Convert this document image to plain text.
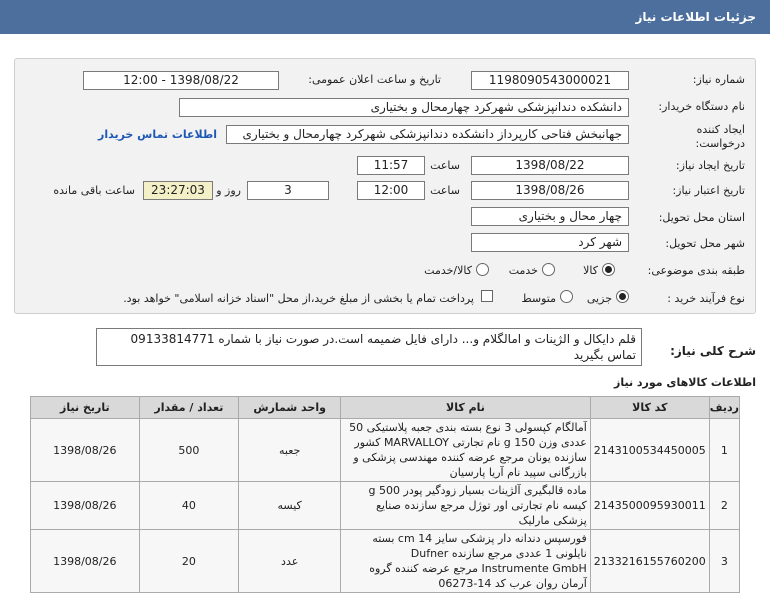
جزئیات اطلاعات نیاز
شماره نیاز:
1198090543000021
تاریخ و ساعت اعلان عمومی:
1398/08/22 - 12:00
نام دستگاه خریدار:
دانشکده دندانپزشکی شهرکرد چهارمحال و بختیاری
ایجاد کننده درخواست:
جهانبخش فتاحی کارپرداز دانشکده دندانپزشکی شهرکرد چهارمحال و بختیاری
اطلاعات تماس خریدار
تاریخ ایجاد نیاز:
1398/08/22
ساعت
11:57
تاریخ اعتبار نیاز:
1398/08/26
ساعت
12:00
3
روز و
23:27:03
ساعت باقی مانده
استان محل تحویل:
چهار محال و بختیاری
شهر محل تحویل:
شهر کرد
طبقه بندی موضوعی:
کالا
خدمت
کالا/خدمت
نوع فرآیند خرید :
جزیی
متوسط
پرداخت تمام یا بخشی از مبلغ خرید،از محل "اسناد خزانه اسلامی" خواهد بود.
شرح کلی نیاز:
قلم دایکال و الژینات و امالگلام و... دارای فایل ضمیمه است.در صورت نیاز با شماره 09133814771 تماس بگیرید
اطلاعات کالاهای مورد نیاز
ردیف	کد کالا	نام کالا	واحد شمارش	تعداد / مقدار	تاریخ نیاز
1	2143100534450005	آمالگام کپسولی 3 نوع بسته بندی جعبه پلاستیکی 50 عددی وزن 150 g نام تجارتی MARVALLOY کشور سازنده یونان مرجع عرضه کننده مهندسی پزشکی و بازرگانی سپید نام آریا پارسیان	جعبه	500	1398/08/26
2	2143500095930011	ماده قالبگیری آلژینات بسیار زودگیر پودر 500 g کیسه نام تجارتی اور توژل مرجع سازنده صنایع پزشکی مارلیک	کیسه	40	1398/08/26
3	2133216155760200	فورسپس دندانه دار پزشکی سایز 14 cm بسته نایلونی 1 عددی مرجع سازنده Dufner Instrumente GmbH مرجع عرضه کننده گروه آرمان روان عرب کد 14-06273	عدد	20	1398/08/26
